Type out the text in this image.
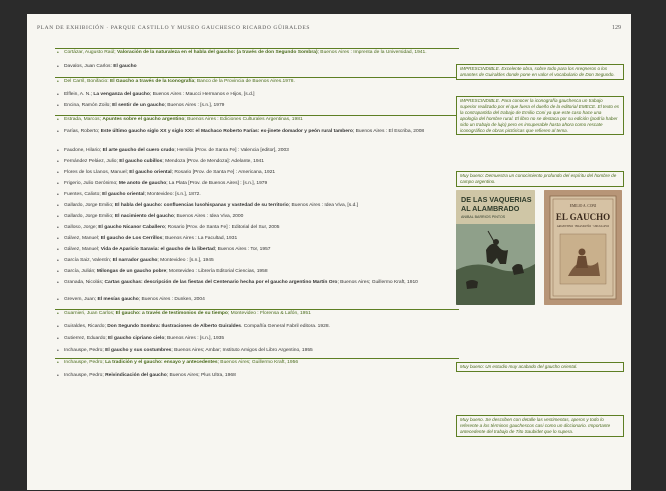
PLAN DE EXHIBICIÓN · PARQUE CASTILLO Y MUSEO GAUCHESCO RICARDO GÜIRALDES	129
• Cortázar, Augusto Raúl; Valoración de la naturaleza en el habla del gaucho: (a través de don Segundo Sombra); Buenos Aires : Imprenta de la Universidad, 1941.
• Davalos, Juan Carlos: El gaucho
• Del Carril, Bonifacio: El Gaucho a través de la Iconografía; Banco de la Provincia de Buenos Aires.1978.
• Elflein, A. N.; La venganza del gaucho; Buenos Aires : Maucci Hermanos e Hijos, [s.d.]
• Encina, Ramón Zoilo; El sentir de un gaucho; Buenos Aires : [s.n.], 1979
• Estrada, Marcos; Apuntes sobre el gaucho argentino; Buenos Aires : Ediciones Culturales Argentinas, 1981
• Farías, Roberto; Este último gaucho siglo XX y siglo XXI: el Machaco Roberto Farías: ex-jinete domador y peón rural tambero; Buenos Aires : El Escriba, 2008
• Faudone, Hilario; El arte gaucho del cuero crudo; Hersilia [Prov. de Santa Fe] : Valencia [editor], 2003
• Fernández Peláez, Julio; El gaucho cubillos; Mendoza [Prov. de Mendoza]: Adelante, 1941
• Flores de los Llanos, Manuel; El gaucho oriental; Rosario [Prov. de Santa Fe] : Americana, 1921
• Frigerio, Julio Gerónimo; Me anoto de gaucho; La Plata [Prov. de Buenos Aires] : [s.n.], 1979
• Fuentes, Calixto; El gaucho oriental; Montevideo: [s.n.], 1872.
• Gallardo, Jorge Emilio; El habla del gaucho: confluencias lusohispanas y vastedad de su territorio; Buenos Aires : Idea Viva, [s.d.]
• Gallardo, Jorge Emilio; El nacimiento del gaucho; Buenos Aires : Idea Viva, 2000
• Galloso, Jorge; El gaucho Nicanor Caballero; Rosario [Prov. de Santa Fe] : Editorial del Sur, 2005
• Gálvez, Manuel; El gaucho de Los Cerrillos; Buenos Aires : La Facultad, 1931
• Gálvez, Manuel; Vida de Aparicio Saravia: el gaucho de la libertad; Buenos Aires : Tor, 1957
• García Saiz, Valentín; El narrador gaucho; Montevideo : [s.n.], 1945
• García, Julián; Milongas de un gaucho pobre; Montevideo : Librería Editorial Ciencias, 1958
• Granada, Nicolás; Cartas gauchas: descripción de las fiestas del Centenario hecha por el gaucho argentino Martín Oro; Buenos Aires; Guillermo Kraft, 1910
• Grevem, Juan; El mesías gaucho; Buenos Aires : Dunken, 2004
• Guarnieri, Juan Carlos; El gaucho: a través de testimonios de su tiempo; Montevideo : Florensa & Lafón, 1951
• Guiraldes, Ricardo; Don Segundo Sombra: Ilustraciones de Alberto Guiraldes. Compañía General Fabril editora. 1928.
• Gutierrez, Eduardo; El gaucho cipriano cielo; Buenos Aires : [s.n.], 1935
• Inchauspe, Pedro; El gaucho y sus costumbres; Buenos Aires; Ambar; Instituto Amigos del Libro Argentino, 1955
• Inchauspe, Pedro; La tradición y el gaucho: ensayo y antecedentes; Buenos Aires; Guillermo Kraft, 1956
• Inchauspe, Pedro; Reivindicación del gaucho; Buenos Aires; Plus Ultra, 1968
IMPRESCINDIBLE. Excelente obra, sobre todo para los Areqneros o los amantes de Guiraldes donde pone en valor el vocabulario de Don Segundo.
IMPRESCINDIBLE. Para conocer la iconografía gauchesca un trabajo superior realizado por el que fuera el dueño de la editorial EMECE. El texto es la contrapartida del trabajo de Emilio Coni ya que este caso hace una apología del hombre rural. El libro no se destaca por su edición (podría haber sido un trabajo de lujo) pero es insuperable hasta ahora como rescate iconográfico de obras pictóricas que refieren al tema.
Muy bueno: Demuestra un conocimiento profundo del espíritu del hombre de campo argentino.
Muy bueno: Un estudio muy acabado del gaucho oriental.
Muy bueno. Se describen con detalle las vestimentas, aperos y todo lo referente a los términos gauchescos casi como un diccionario. Importante antecedente del trabajo de Tito Saubidet que lo supera.
DE LAS VAQUERIAS
AL ALAMBRADO
ANIBAL BARRIOS PINTOS
EMILIO A. CONI
EL GAUCHO
ARGENTINO · BRASILEÑO · URUGUAYO
